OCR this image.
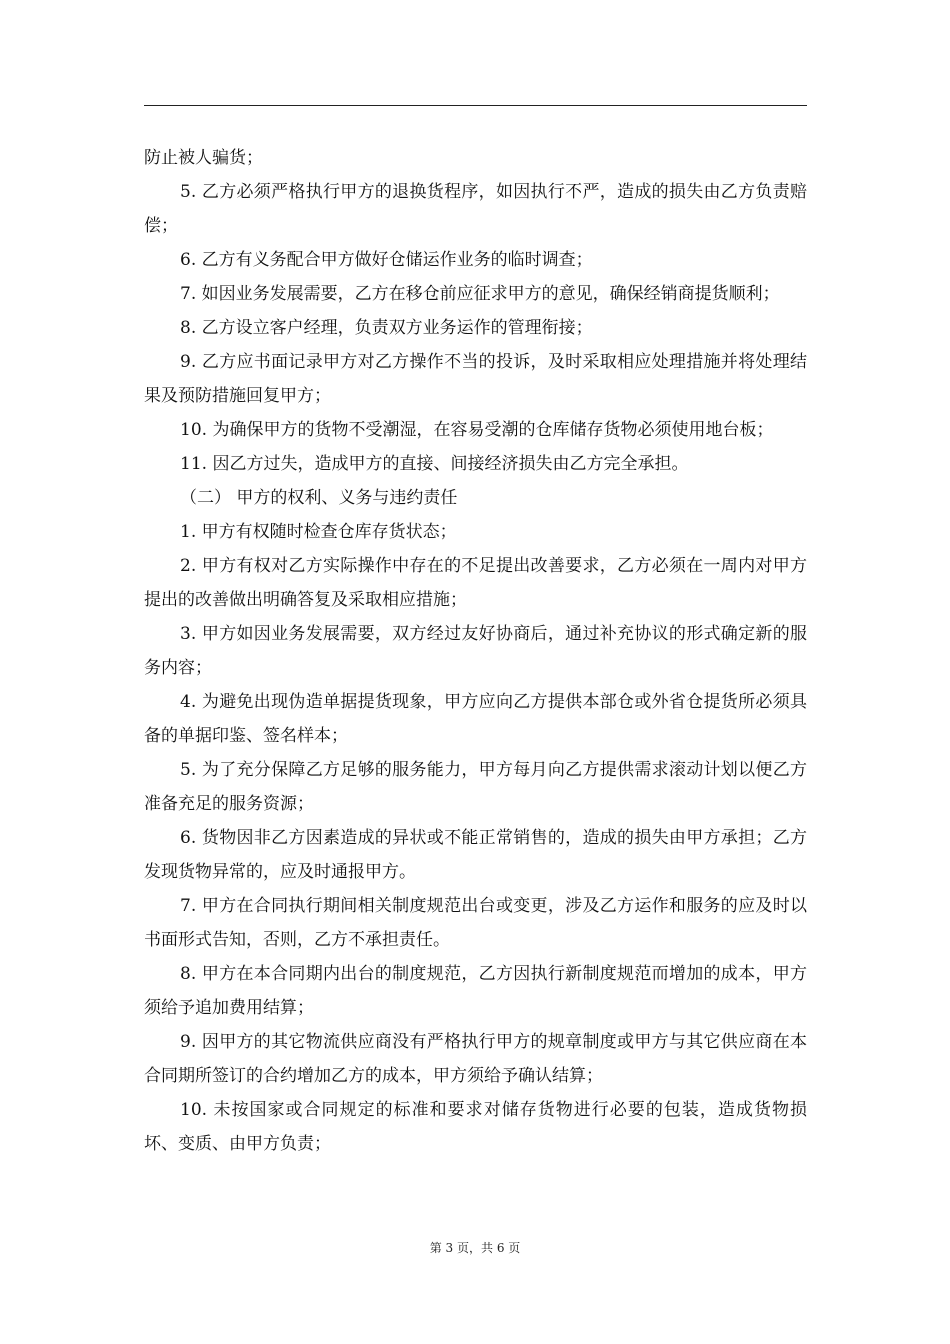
防止被人骗货；

5. 乙方必须严格执行甲方的退换货程序，如因执行不严，造成的损失由乙方负责赔偿；

6. 乙方有义务配合甲方做好仓储运作业务的临时调查；

7. 如因业务发展需要，乙方在移仓前应征求甲方的意见，确保经销商提货顺利；

8. 乙方设立客户经理，负责双方业务运作的管理衔接；

9. 乙方应书面记录甲方对乙方操作不当的投诉，及时采取相应处理措施并将处理结果及预防措施回复甲方；

10. 为确保甲方的货物不受潮湿，在容易受潮的仓库储存货物必须使用地台板；

11. 因乙方过失，造成甲方的直接、间接经济损失由乙方完全承担。

（二） 甲方的权利、义务与违约责任

1. 甲方有权随时检查仓库存货状态；

2. 甲方有权对乙方实际操作中存在的不足提出改善要求，乙方必须在一周内对甲方提出的改善做出明确答复及采取相应措施；

3. 甲方如因业务发展需要，双方经过友好协商后，通过补充协议的形式确定新的服务内容；

4. 为避免出现伪造单据提货现象，甲方应向乙方提供本部仓或外省仓提货所必须具备的单据印鉴、签名样本；

5. 为了充分保障乙方足够的服务能力，甲方每月向乙方提供需求滚动计划以便乙方准备充足的服务资源；

6. 货物因非乙方因素造成的异状或不能正常销售的，造成的损失由甲方承担；乙方发现货物异常的，应及时通报甲方。

7. 甲方在合同执行期间相关制度规范出台或变更，涉及乙方运作和服务的应及时以书面形式告知，否则，乙方不承担责任。

8. 甲方在本合同期内出台的制度规范，乙方因执行新制度规范而增加的成本，甲方须给予追加费用结算；

9. 因甲方的其它物流供应商没有严格执行甲方的规章制度或甲方与其它供应商在本合同期所签订的合约增加乙方的成本，甲方须给予确认结算；

10. 未按国家或合同规定的标准和要求对储存货物进行必要的包装，造成货物损坏、变质、由甲方负责；

第 3 页，共 6 页
